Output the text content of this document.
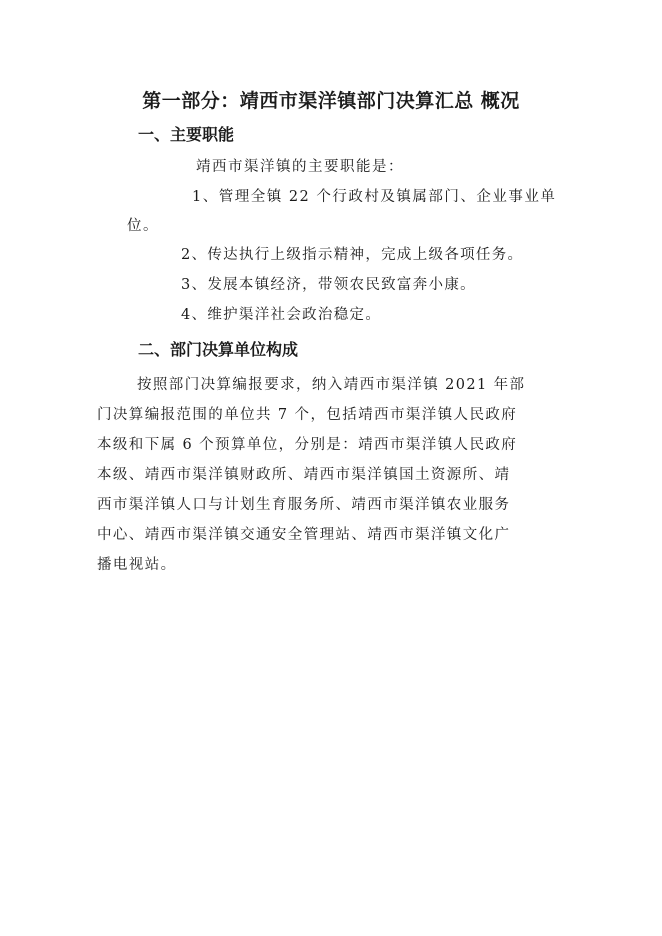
第一部分：靖西市渠洋镇部门决算汇总 概况
一、主要职能

靖西市渠洋镇的主要职能是：

1、管理全镇 22 个行政村及镇属部门、企业事业单

位。

2、传达执行上级指示精神，完成上级各项任务。

3、发展本镇经济，带领农民致富奔小康。

4、维护渠洋社会政治稳定。

二、部门决算单位构成
按照部门决算编报要求，纳入靖西市渠洋镇 2021 年部
门决算编报范围的单位共 7 个，包括靖西市渠洋镇人民政府
本级和下属 6 个预算单位，分别是：靖西市渠洋镇人民政府
本级、靖西市渠洋镇财政所、靖西市渠洋镇国土资源所、靖
西市渠洋镇人口与计划生育服务所、靖西市渠洋镇农业服务
中心、靖西市渠洋镇交通安全管理站、靖西市渠洋镇文化广
播电视站。
